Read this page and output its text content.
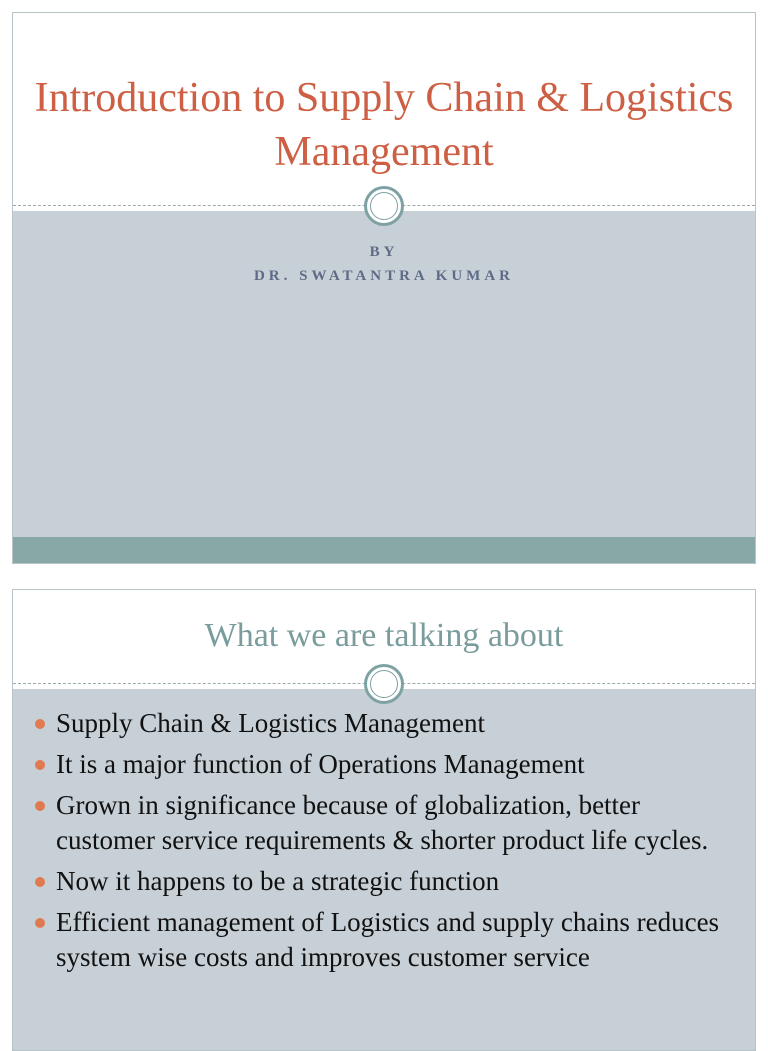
Introduction to Supply Chain & Logistics Management
BY
DR. SWATANTRA KUMAR
What we are talking about
Supply Chain & Logistics Management
It is a major function of Operations Management
Grown in significance because of globalization, better customer service requirements & shorter product life cycles.
Now it happens to be a strategic function
Efficient management of Logistics and supply chains reduces system wise costs and improves customer service
